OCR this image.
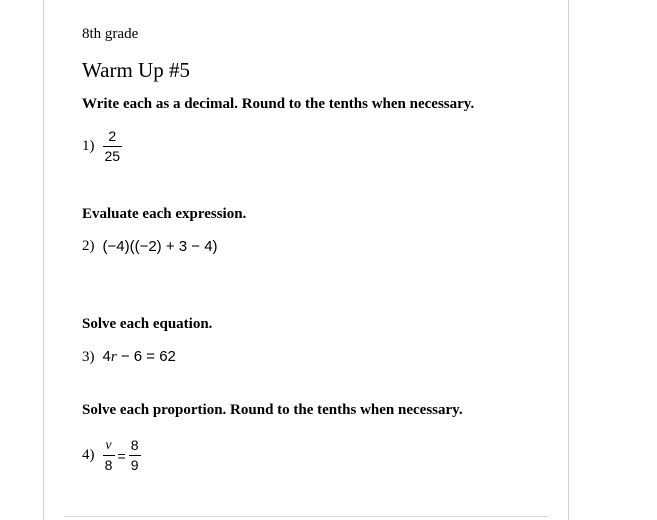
8th grade
Warm Up #5
Write each as a decimal. Round to the tenths when necessary.
$1) \frac{2}{25}$
Evaluate each expression.
2) (−4)((−2) + 3 − 4)
Solve each equation.
3) 4r − 6 = 62
Solve each proportion. Round to the tenths when necessary.
$4) \frac{v}{8} = \frac{8}{9}$
